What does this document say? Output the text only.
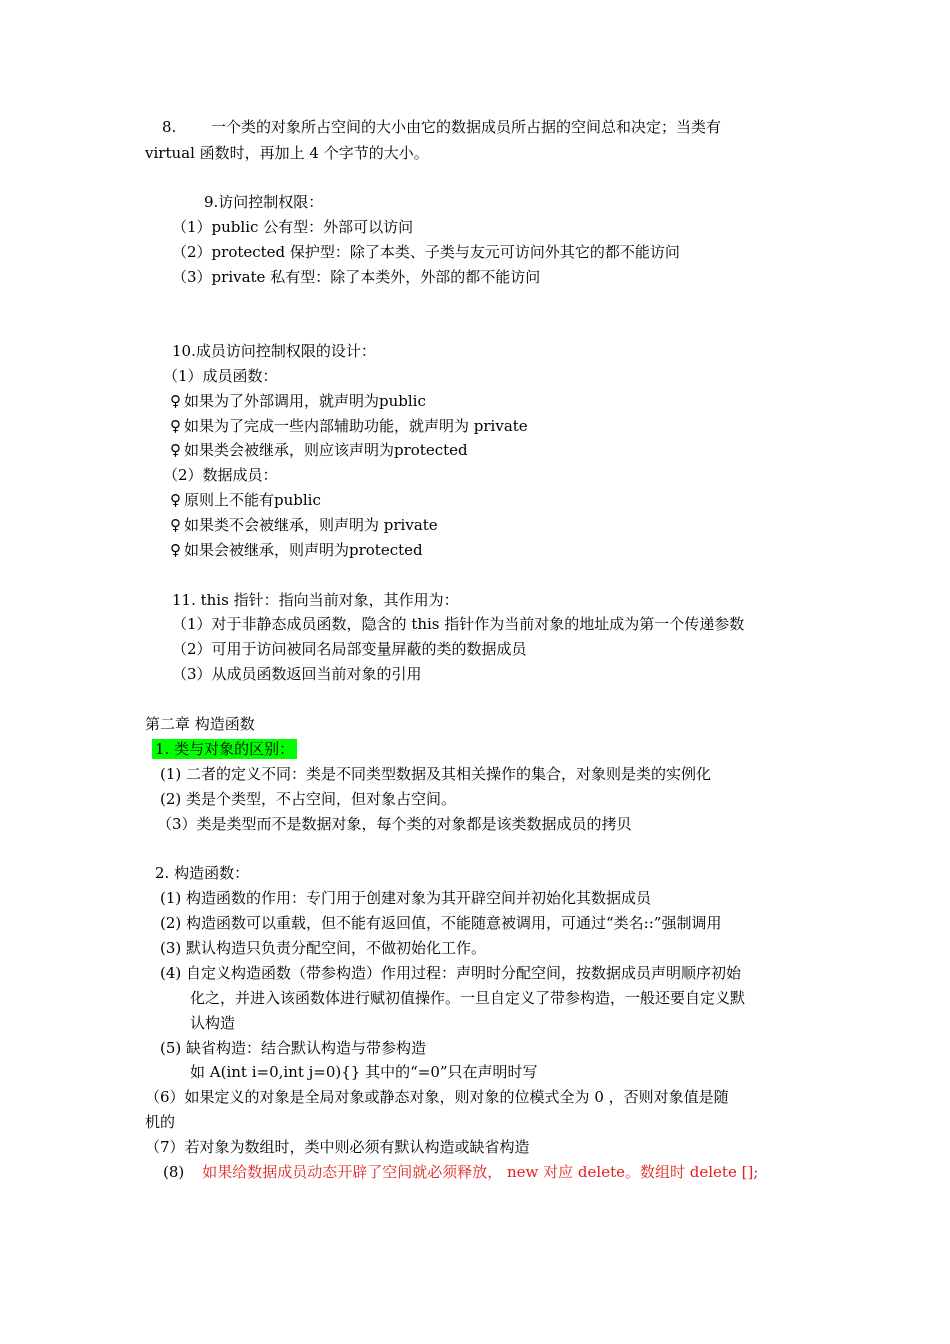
8. 一个类的对象所占空间的大小由它的数据成员所占据的空间总和决定；当类有
virtual 函数时，再加上 4 个字节的大小。
9.访问控制权限：
（1）public 公有型：外部可以访问
（2）protected 保护型：除了本类、子类与友元可访问外其它的都不能访问
（3）private 私有型：除了本类外，外部的都不能访问
10.成员访问控制权限的设计：
（1）成员函数：
♀ 如果为了外部调用，就声明为public
♀ 如果为了完成一些内部辅助功能，就声明为 private
♀ 如果类会被继承，则应该声明为protected
（2）数据成员：
♀ 原则上不能有public
♀ 如果类不会被继承，则声明为 private
♀ 如果会被继承，则声明为protected
11. this 指针：指向当前对象，其作用为：
（1）对于非静态成员函数，隐含的 this 指针作为当前对象的地址成为第一个传递参数
（2）可用于访问被同名局部变量屏蔽的类的数据成员
（3）从成员函数返回当前对象的引用
第二章 构造函数
1. 类与对象的区别：
(1) 二者的定义不同：类是不同类型数据及其相关操作的集合，对象则是类的实例化
(2) 类是个类型，不占空间，但对象占空间。
（3）类是类型而不是数据对象，每个类的对象都是该类数据成员的拷贝
2. 构造函数：
(1) 构造函数的作用：专门用于创建对象为其开辟空间并初始化其数据成员
(2) 构造函数可以重载，但不能有返回值，不能随意被调用，可通过“类名::”强制调用
(3) 默认构造只负责分配空间，不做初始化工作。
(4) 自定义构造函数（带参构造）作用过程：声明时分配空间，按数据成员声明顺序初始
化之，并进入该函数体进行赋初值操作。一旦自定义了带参构造，一般还要自定义默
认构造
(5) 缺省构造：结合默认构造与带参构造
如 A(int i=0,int j=0){} 其中的“=0”只在声明时写
（6）如果定义的对象是全局对象或静态对象，则对象的位模式全为 0 ，否则对象值是随
机的
（7）若对象为数组时，类中则必须有默认构造或缺省构造
(8) 如果给数据成员动态开辟了空间就必须释放， new 对应 delete。数组时 delete [];
